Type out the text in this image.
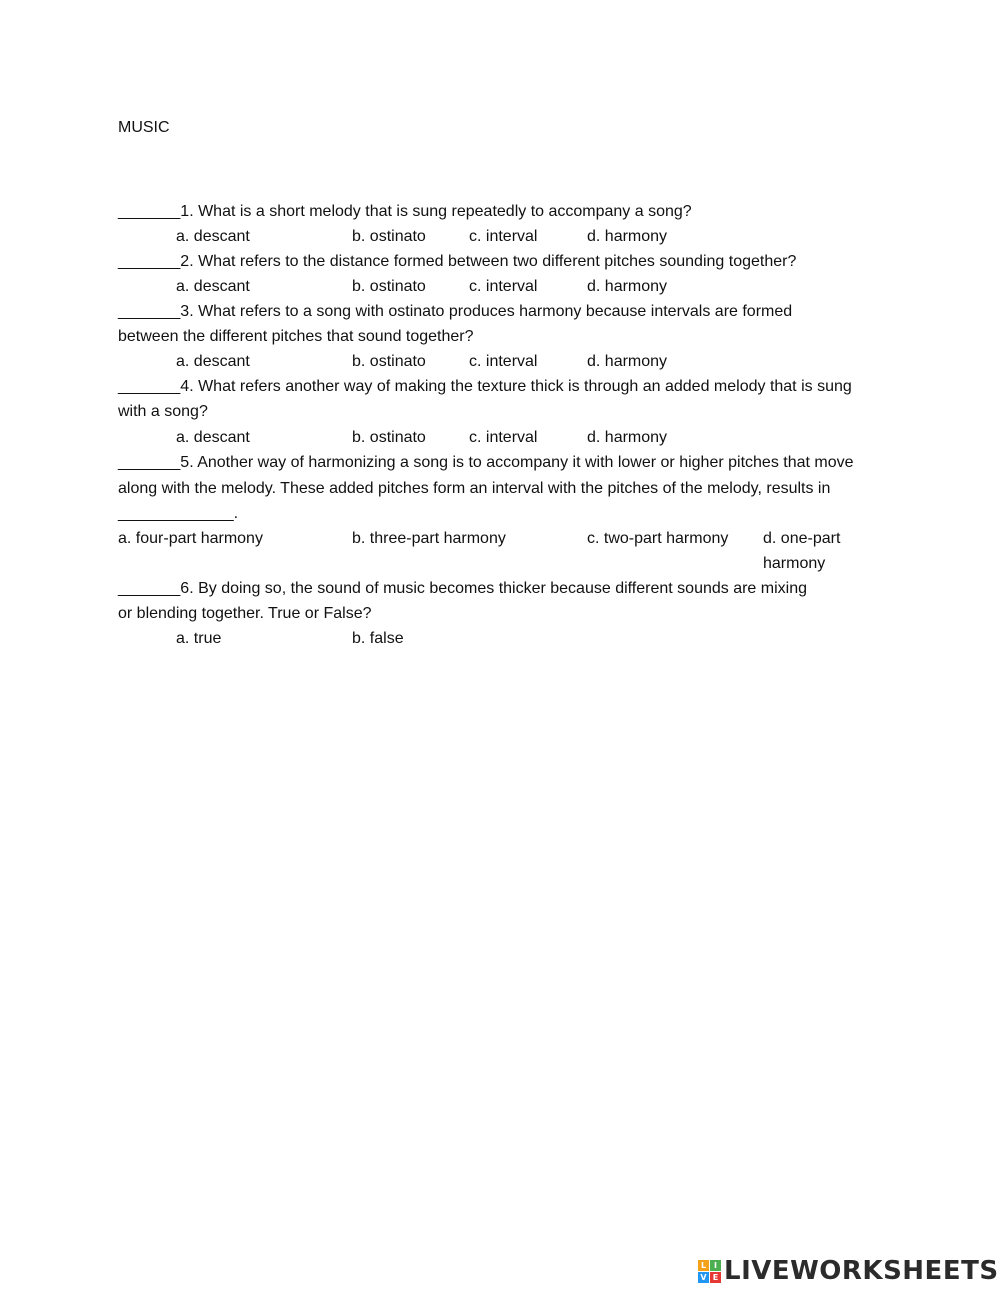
MUSIC
_______1. What is a short melody that is sung repeatedly to accompany a song?
a. descant	b. ostinato	c. interval	d. harmony
_______2. What refers to the distance formed between two different pitches sounding together?
a. descant	b. ostinato	c. interval	d. harmony
_______3. What refers to a song with ostinato produces harmony because intervals are formed
between the different pitches that sound together?
a. descant	b. ostinato	c. interval	d. harmony
_______4. What refers another way of making the texture thick is through an added melody that is sung
with a song?
a. descant	b. ostinato	c. interval	d. harmony
_______5. Another way of harmonizing a song is to accompany it with lower or higher pitches that move
along with the melody. These added pitches form an interval with the pitches of the melody, results in
_____________.
a. four-part harmony	b. three-part harmony	c. two-part harmony d. one-part
harmony
_______6. By doing so, the sound of music becomes thicker because different sounds are mixing
or blending together. True or False?
a. true	b. false
L I
V E LIVEWORKSHEETS
